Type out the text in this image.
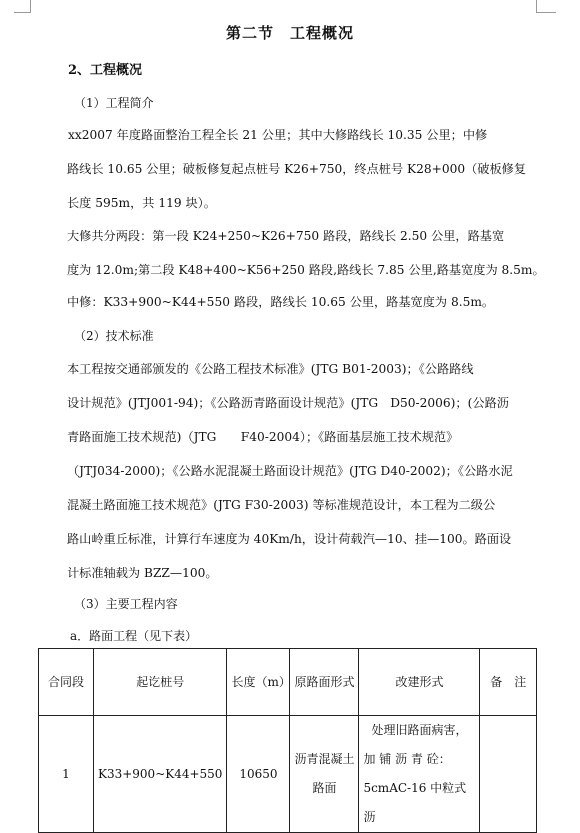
第二节　工程概况
2、工程概况
（1）工程简介
xx2007 年度路面整治工程全长 21 公里；其中大修路线长 10.35 公里；中修
路线长 10.65 公里；破板修复起点桩号 K26+750，终点桩号 K28+000（破板修复
长度 595m，共 119 块）。
大修共分两段：第一段 K24+250~K26+750 路段，路线长 2.50 公里，路基宽
度为 12.0m;第二段 K48+400~K56+250 路段,路线长 7.85 公里,路基宽度为 8.5m。
中修：K33+900~K44+550 路段，路线长 10.65 公里，路基宽度为 8.5m。
（2）技术标准
本工程按交通部颁发的《公路工程技术标准》(JTG B01-2003)；《公路路线
设计规范》(JTJ001-94)；《公路沥青路面设计规范》(JTG　D50-2006)；(公路沥
青路面施工技术规范)（JTG　　F40-2004）；《路面基层施工技术规范》
（JTJ034-2000)；《公路水泥混凝土路面设计规范》(JTG D40-2002)；《公路水泥
混凝土路面施工技术规范》(JTG F30-2003) 等标准规范设计，本工程为二级公
路山岭重丘标准，计算行车速度为 40Km/h，设计荷载汽—10、挂—100。路面设
计标准轴载为 BZZ—100。
（3）主要工程内容
a．路面工程（见下表）
合同段	起讫桩号	长度（m）	原路面形式	改建形式	备　注
1	K33+900~K44+550	10650	沥青混凝土路面	处理旧路面病害，
加 铺 沥 青 砼：
5cmAC-16 中粒式沥	
